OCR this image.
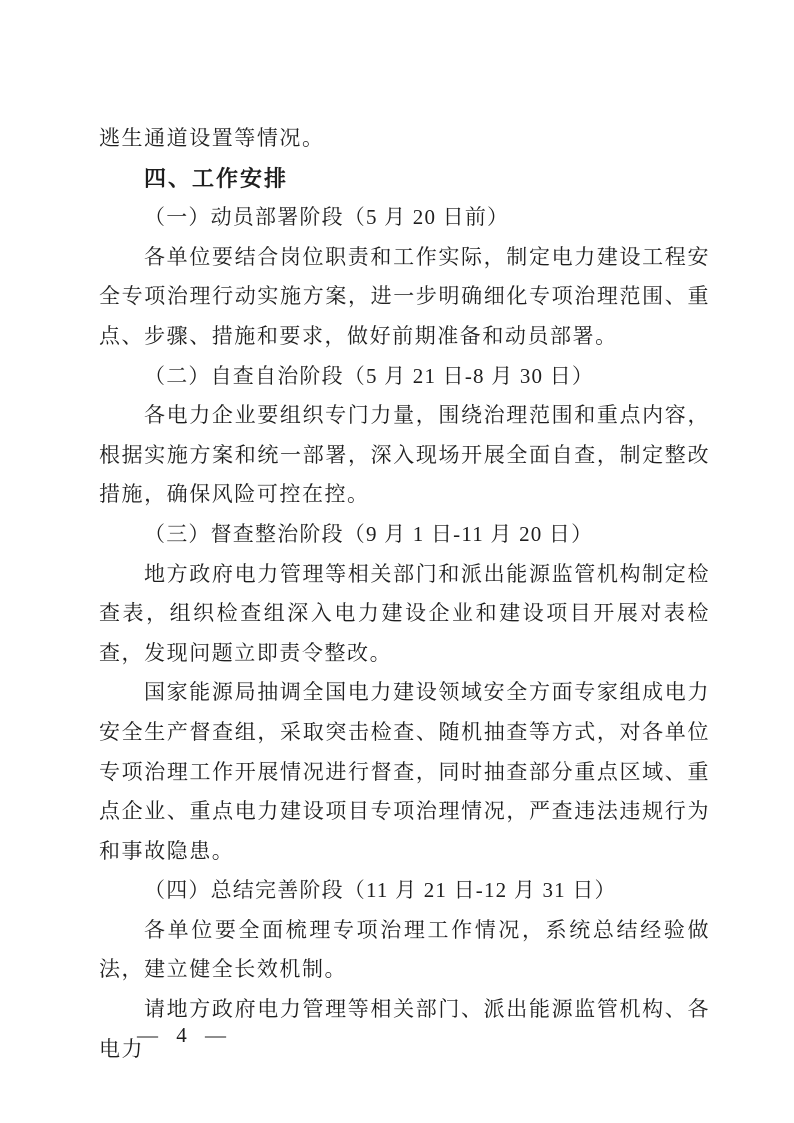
逃生通道设置等情况。

四、工作安排

（一）动员部署阶段（5 月 20 日前）

各单位要结合岗位职责和工作实际，制定电力建设工程安全专项治理行动实施方案，进一步明确细化专项治理范围、重点、步骤、措施和要求，做好前期准备和动员部署。

（二）自查自治阶段（5 月 21 日-8 月 30 日）

各电力企业要组织专门力量，围绕治理范围和重点内容，根据实施方案和统一部署，深入现场开展全面自查，制定整改措施，确保风险可控在控。

（三）督查整治阶段（9 月 1 日-11 月 20 日）

地方政府电力管理等相关部门和派出能源监管机构制定检查表，组织检查组深入电力建设企业和建设项目开展对表检查，发现问题立即责令整改。

国家能源局抽调全国电力建设领域安全方面专家组成电力安全生产督查组，采取突击检查、随机抽查等方式，对各单位专项治理工作开展情况进行督查，同时抽查部分重点区域、重点企业、重点电力建设项目专项治理情况，严查违法违规行为和事故隐患。

（四）总结完善阶段（11 月 21 日-12 月 31 日）

各单位要全面梳理专项治理工作情况，系统总结经验做法，建立健全长效机制。

请地方政府电力管理等相关部门、派出能源监管机构、各电力

— 4 —
